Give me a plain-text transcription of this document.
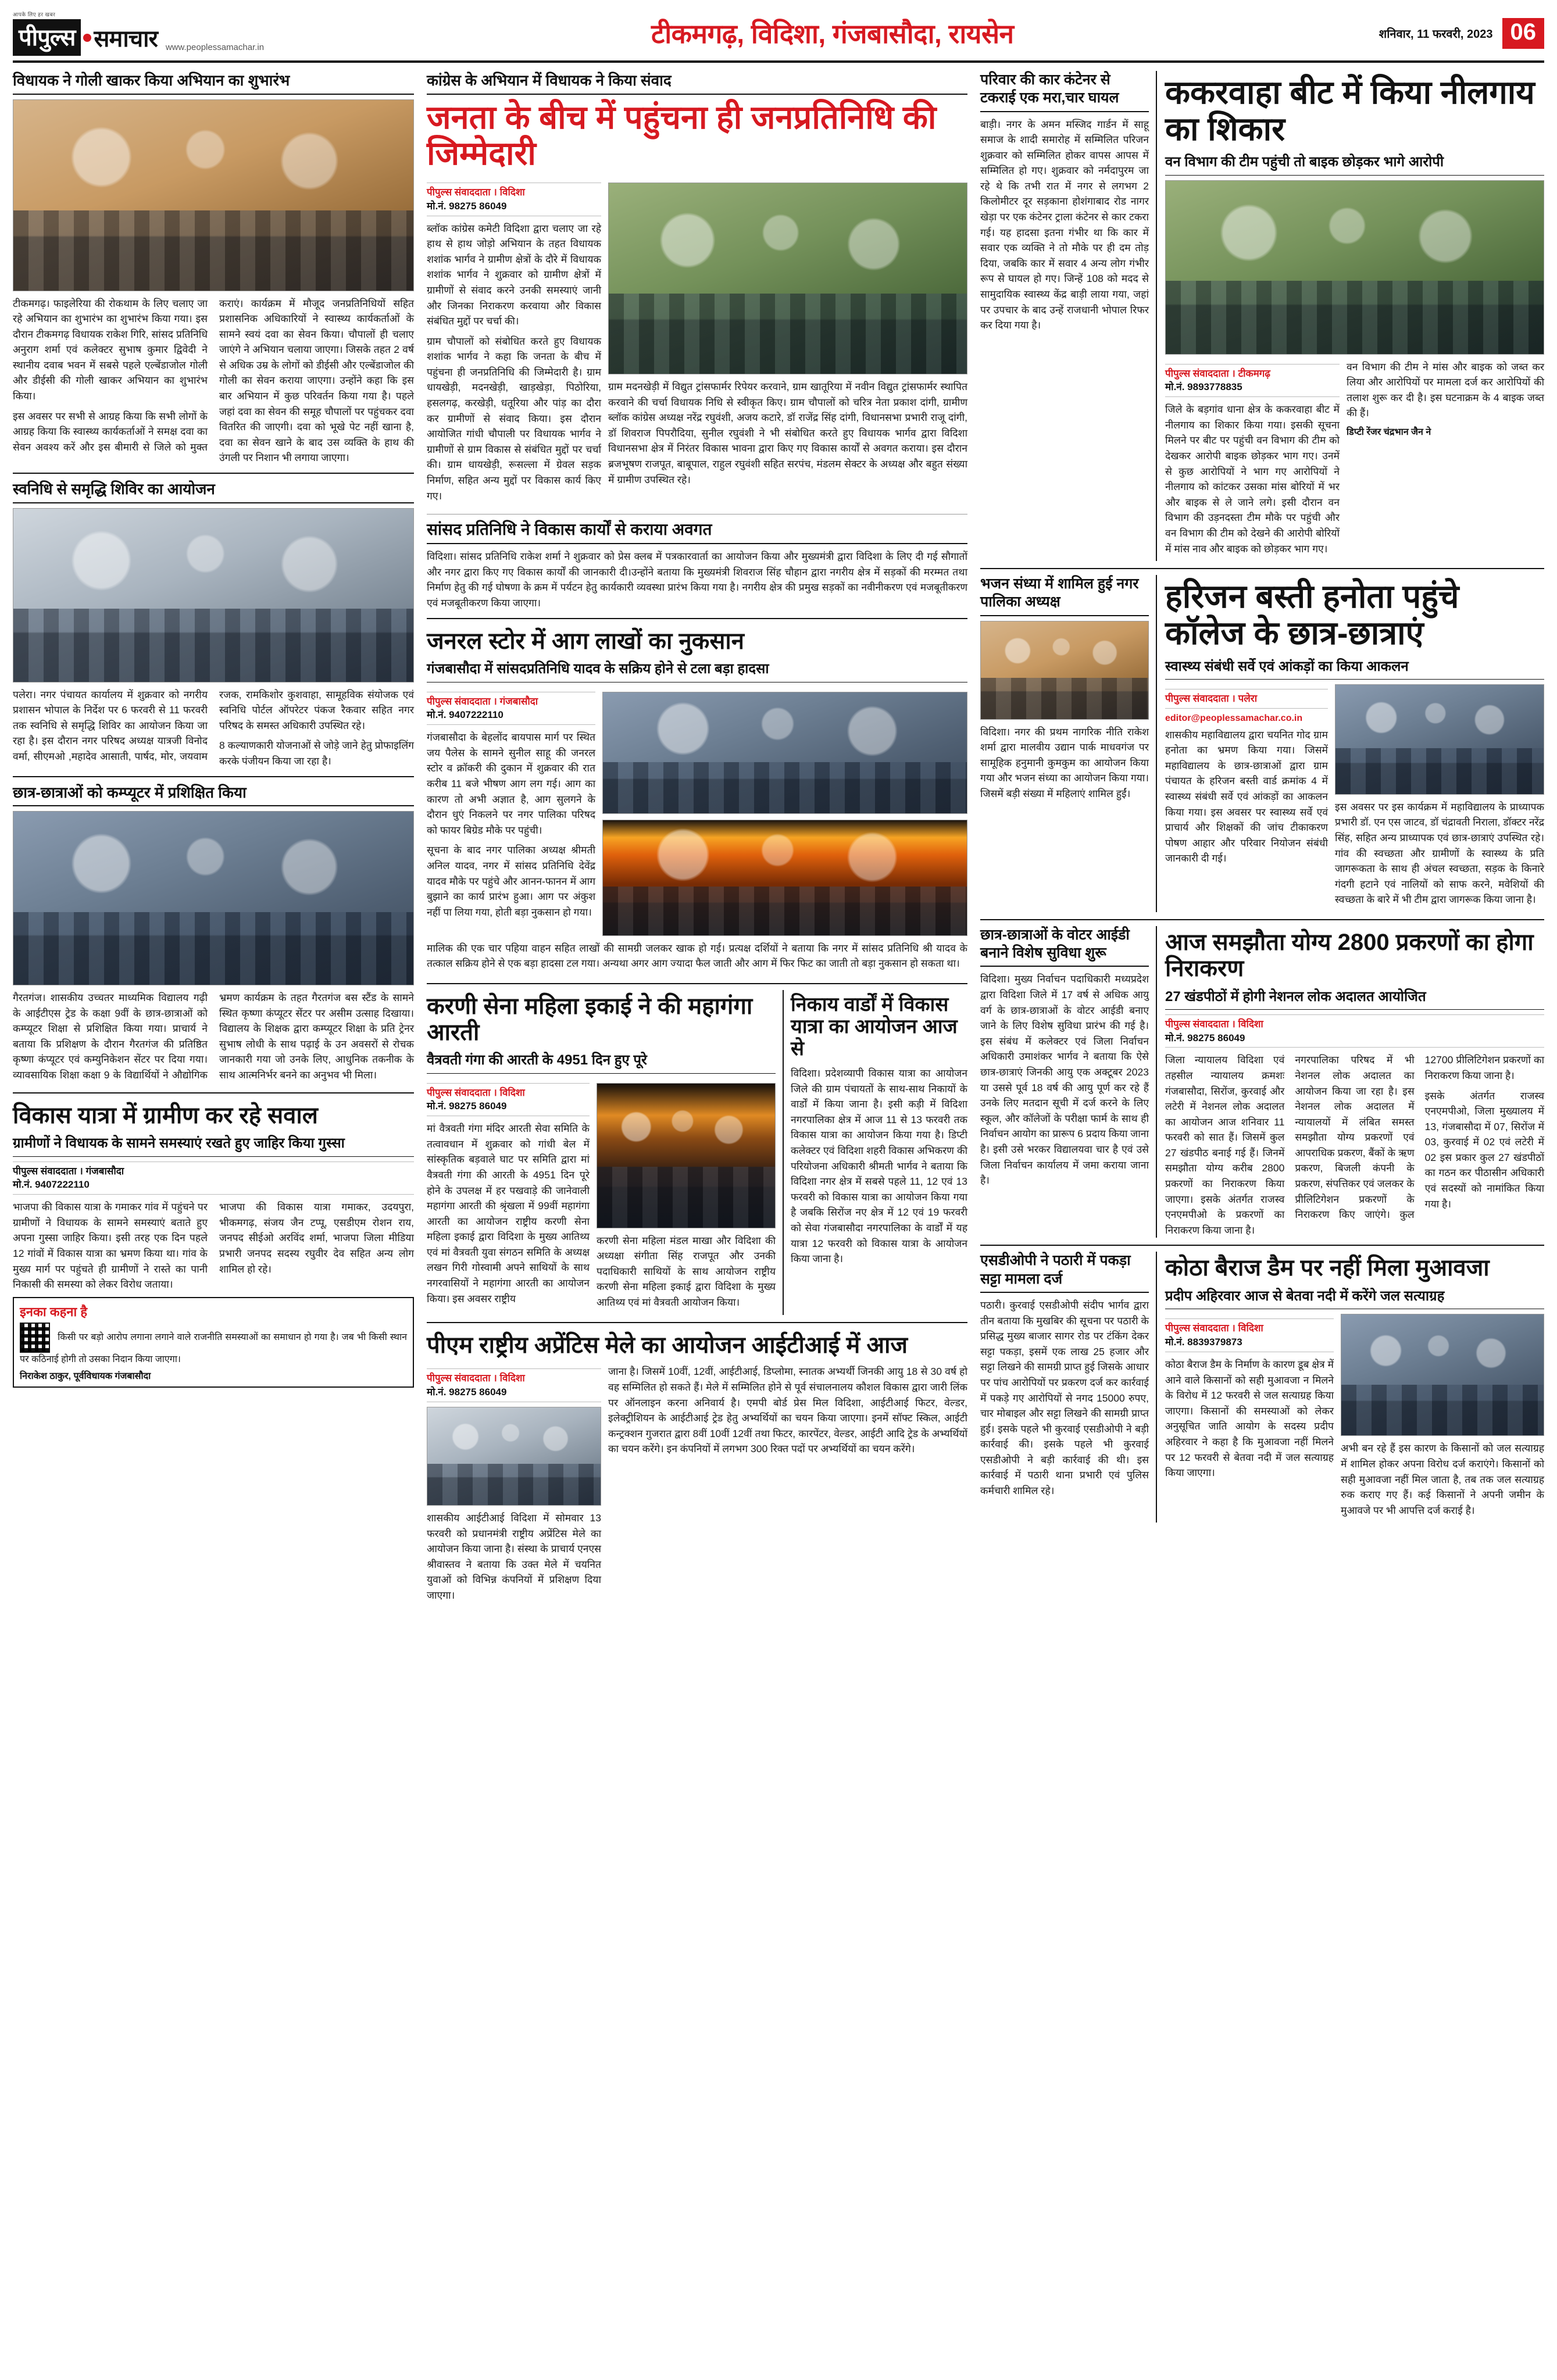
आपके लिए हर खबर
पीपुल्स समाचार www.peoplessamachar.in	टीकमगढ़, विदिशा, गंजबासौदा, रायसेन	शनिवार, 11 फरवरी, 2023 06
विधायक ने गोली खाकर किया अभियान का शुभारंभ

टीकमगढ़। फाइलेरिया की रोकथाम के लिए चलाए जा रहे अभियान का शुभारंभ का शुभारंभ किया गया। इस दौरान टीकमगढ़ विधायक राकेश गिरि, सांसद प्रतिनिधि अनुराग शर्मा एवं कलेक्टर सुभाष कुमार द्विवेदी ने स्थानीय दवाब भवन में सबसे पहले एल्बेंडाजोल गोली और डीईसी की गोली खाकर अभियान का शुभारंभ किया।

इस अवसर पर सभी से आग्रह किया कि सभी लोगों के आग्रह किया कि स्वास्थ्य कार्यकर्ताओं ने समक्ष दवा का सेवन अवश्य करें और इस बीमारी से जिले को मुक्त कराएं। कार्यक्रम में मौजूद जनप्रतिनिधियों सहित प्रशासनिक अधिकारियों ने स्वास्थ्य कार्यकर्ताओं के सामने स्वयं दवा का सेवन किया। चौपालों ही चलाए जाएंगे ने अभियान चलाया जाएगा। जिसके तहत 2 वर्ष से अधिक उम्र के लोगों को डीईसी और एल्बेंडाजोल की गोली का सेवन कराया जाएगा। उन्होंने कहा कि इस बार अभियान में कुछ परिवर्तन किया गया है। पहले जहां दवा का सेवन की समूह चौपालों पर पहुंचकर दवा वितरित की जाएगी। दवा को भूखे पेट नहीं खाना है, दवा का सेवन खाने के बाद उस व्यक्ति के हाथ की उंगली पर निशान भी लगाया जाएगा।

स्वनिधि से समृद्धि शिविर का आयोजन

पलेरा। नगर पंचायत कार्यालय में शुक्रवार को नगरीय प्रशासन भोपाल के निर्देश पर 6 फरवरी से 11 फरवरी तक स्वनिधि से समृद्धि शिविर का आयोजन किया जा रहा है। इस दौरान नगर परिषद अध्यक्ष यात्रजी विनोद वर्मा, सीएमओ ,महादेव आसाती, पार्षद, मोर, जयवाम रजक, रामकिशोर कुशवाहा, सामूहविक संयोजक एवं स्वनिधि पोर्टल ऑपरेटर पंकज रैकवार सहित नगर परिषद के समस्त अधिकारी उपस्थित रहे।

8 कल्याणकारी योजनाओं से जोड़े जाने हेतु प्रोफाइलिंग करके पंजीयन किया जा रहा है।

छात्र-छात्राओं को कम्प्यूटर में प्रशिक्षित किया

गैरतगंज। शासकीय उच्चतर माध्यमिक विद्यालय गढ़ी के आईटीएस ट्रेड के कक्षा 9वीं के छात्र-छात्राओं को कम्प्यूटर शिक्षा से प्रशिक्षित किया गया। प्राचार्य ने बताया कि प्रशिक्षण के दौरान गैरतगंज की प्रतिष्ठित कृष्णा कंप्यूटर एवं कम्युनिकेशन सेंटर पर दिया गया। व्यावसायिक शिक्षा कक्षा 9 के विद्यार्थियों ने औद्योगिक भ्रमण कार्यक्रम के तहत गैरतगंज बस स्टैंड के सामने स्थित कृष्णा कंप्यूटर सेंटर पर असीम उत्साह दिखाया। विद्यालय के शिक्षक द्वारा कम्प्यूटर शिक्षा के प्रति ट्रेनर सुभाष लोधी के साथ पढ़ाई के उन अवसरों से रोचक जानकारी गया जो उनके लिए, आधुनिक तकनीक के साथ आत्मनिर्भर बनने का अनुभव भी मिला।

विकास यात्रा में ग्रामीण कर रहे सवाल
ग्रामीणों ने विधायक के सामने समस्याएं रखते हुए जाहिर किया गुस्सा
पीपुल्स संवाददाता । गंजबासौदा
मो.नं. 9407222110

भाजपा की विकास यात्रा के गमाकर गांव में पहुंचने पर ग्रामीणों ने विधायक के सामने समस्याएं बताते हुए अपना गुस्सा जाहिर किया। इसी तरह एक दिन पहले 12 गांवों में विकास यात्रा का भ्रमण किया था। गांव के मुख्य मार्ग पर पहुंचते ही ग्रामीणों ने रास्ते का पानी निकासी की समस्या को लेकर विरोध जताया।

भाजपा की विकास यात्रा गमाकर, उदयपुरा, भीकमगढ़, संजय जैन टप्पू, एसडीएम रोशन राय, जनपद सीईओ अरविंद शर्मा, भाजपा जिला मीडिया प्रभारी जनपद सदस्य रघुवीर देव सहित अन्य लोग शामिल हो रहे।

इनका कहना है
किसी पर बड़ो आरोप लगाना लगाने वाले राजनीति समस्याओं का समाधान हो गया है। जब भी किसी स्थान पर कठिनाई होगी तो उसका निदान किया जाएगा।
निराकेश ठाकुर, पूर्वविधायक गंजबासौदा
कांग्रेस के अभियान में विधायक ने किया संवाद
जनता के बीच में पहुंचना ही जनप्रतिनिधि की जिम्मेदारी
पीपुल्स संवाददाता । विदिशा
मो.नं. 98275 86049

ब्लॉक कांग्रेस कमेटी विदिशा द्वारा चलाए जा रहे हाथ से हाथ जोड़ो अभियान के तहत विधायक शशांक भार्गव ने ग्रामीण क्षेत्रों के दौरे में विधायक शशांक भार्गव ने शुक्रवार को ग्रामीण क्षेत्रों में ग्रामीणों से संवाद करने उनकी समस्याएं जानी और जिनका निराकरण करवाया और विकास संबंधित मुद्दों पर चर्चा की।

ग्राम चौपालों को संबोधित करते हुए विधायक शशांक भार्गव ने कहा कि जनता के बीच में पहुंचना ही जनप्रतिनिधि की जिम्मेदारी है। ग्राम धायखेड़ी, मदनखेड़ी, खाड़खेड़ा, पिठोरिया, हसलगढ़, करखेड़ी, धतूरिया और पांड़ का दौरा कर ग्रामीणों से संवाद किया। इस दौरान आयोजित गांधी चौपाली पर विधायक भार्गव ने ग्रामीणों से ग्राम विकास से संबंधित मुद्दों पर चर्चा की। ग्राम धायखेड़ी, रूसल्ला में ग्रेवल सड़क निर्माण, सहित अन्य मुद्दों पर विकास कार्य किए गए।

ग्राम मदनखेड़ी में विद्युत ट्रांसफार्मर रिपेयर करवाने, ग्राम खातूरिया में नवीन विद्युत ट्रांसफार्मर स्थापित करवाने की चर्चा विधायक निधि से स्वीकृत किए। ग्राम चौपालों को चरित्र नेता प्रकाश दांगी, ग्रामीण ब्लॉक कांग्रेस अध्यक्ष नरेंद्र रघुवंशी, अजय कटारे, डॉ राजेंद्र सिंह दांगी, विधानसभा प्रभारी राजू दांगी, डॉ शिवराज पिपरौदिया, सुनील रघुवंशी ने भी संबोधित करते हुए विधायक भार्गव द्वारा विदिशा विधानसभा क्षेत्र में निरंतर विकास भावना द्वारा किए गए विकास कार्यों से अवगत कराया। इस दौरान ब्रजभूषण राजपूत, बाबूपाल, राहुल रघुवंशी सहित सरपंच, मंडलम सेक्टर के अध्यक्ष और बहुत संख्या में ग्रामीण उपस्थित रहे।

सांसद प्रतिनिधि ने विकास कार्यों से कराया अवगत
विदिशा। सांसद प्रतिनिधि राकेश शर्मा ने शुक्रवार को प्रेस क्लब में पत्रकारवार्ता का आयोजन किया और मुख्यमंत्री द्वारा विदिशा के लिए दी गई सौगातों और नगर द्वारा किए गए विकास कार्यों की जानकारी दी।उन्होंने बताया कि मुख्यमंत्री शिवराज सिंह चौहान द्वारा नगरीय क्षेत्र में सड़कों की मरम्मत तथा निर्माण हेतु की गई घोषणा के क्रम में पर्यटन हेतु कार्यकारी व्यवस्था प्रारंभ किया गया है। नगरीय क्षेत्र की प्रमुख सड़कों का नवीनीकरण एवं मजबूतीकरण एवं मजबूतीकरण किया जाएगा।
जनरल स्टोर में आग लाखों का नुकसान
गंजबासौदा में सांसदप्रतिनिधि यादव के सक्रिय होने से टला बड़ा हादसा
पीपुल्स संवाददाता । गंजबासौदा
मो.नं. 9407222110

गंजबासौदा के बेहलोंद बायपास मार्ग पर स्थित जय पैलेस के सामने सुनील साहू की जनरल स्टोर व क्रॉकरी की दुकान में शुक्रवार की रात करीब 11 बजे भीषण आग लग गई। आग का कारण तो अभी अज्ञात है, आग सुलगने के दौरान धुएं निकलने पर नगर पालिका परिषद को फायर बिग्रेड मौके पर पहुंची।

सूचना के बाद नगर पालिका अध्यक्ष श्रीमती अनिल यादव, नगर में सांसद प्रतिनिधि देवेंद्र यादव मौके पर पहुंचे और आनन-फानन में आग बुझाने का कार्य प्रारंभ हुआ। आग पर अंकुश नहीं पा लिया गया, होती बड़ा नुकसान हो गया।

मालिक की एक चार पहिया वाहन सहित लाखों की सामग्री जलकर खाक हो गई। प्रत्यक्ष दर्शियों ने बताया कि नगर में सांसद प्रतिनिधि श्री यादव के तत्काल सक्रिय होने से एक बड़ा हादसा टल गया। अन्यथा अगर आग ज्यादा फैल जाती और आग में फिर फिट का जाती तो बड़ा नुकसान हो सकता था।

करणी सेना महिला इकाई ने की महागंगा आरती
वैत्रवती गंगा की आरती के 4951 दिन हुए पूरे
पीपुल्स संवाददाता । विदिशा
मो.नं. 98275 86049

मां वैत्रवती गंगा मंदिर आरती सेवा समिति के तत्वावधान में शुक्रवार को गांधी बेल में सांस्कृतिक बड़वाले घाट पर समिति द्वारा मां वैत्रवती गंगा की आरती के 4951 दिन पूरे होने के उपलक्ष में हर पखवाड़े की जानेवाली महागंगा आरती की श्रृंखला में 99वीं महागंगा आरती का आयोजन राष्ट्रीय करणी सेना महिला इकाई द्वारा विदिशा के मुख्य आतिथ्य एवं मां वैत्रवती युवा संगठन समिति के अध्यक्ष लखन गिरी गोस्वामी अपने साथियों के साथ नगरवासियों ने महागंगा आरती का आयोजन किया। इस अवसर राष्ट्रीय

करणी सेना महिला मंडल माखा और विदिशा की अध्यक्षा संगीता सिंह राजपूत और उनकी पदाधिकारी साथियों के साथ आयोजन राष्ट्रीय करणी सेना महिला इकाई द्वारा विदिशा के मुख्य आतिथ्य एवं मां वैत्रवती आयोजन किया।

निकाय वार्डों में विकास यात्रा का आयोजन आज से
विदिशा। प्रदेशव्यापी विकास यात्रा का आयोजन जिले की ग्राम पंचायतों के साथ-साथ निकायों के वार्डों में किया जाना है। इसी कड़ी में विदिशा नगरपालिका क्षेत्र में आज 11 से 13 फरवरी तक विकास यात्रा का आयोजन किया गया है। डिप्टी कलेक्टर एवं विदिशा शहरी विकास अभिकरण की परियोजना अधिकारी श्रीमती भार्गव ने बताया कि विदिशा नगर क्षेत्र में सबसे पहले 11, 12 एवं 13 फरवरी को विकास यात्रा का आयोजन किया गया है जबकि सिरोंज नए क्षेत्र में 12 एवं 19 फरवरी को सेवा गंजबासौदा नगरपालिका के वार्डों में यह यात्रा 12 फरवरी को विकास यात्रा के आयोजन किया जाना है।
पीएम राष्ट्रीय अप्रेंटिस मेले का आयोजन आईटीआई में आज
पीपुल्स संवाददाता । विदिशा
मो.नं. 98275 86049

शासकीय आईटीआई विदिशा में सोमवार 13 फरवरी को प्रधानमंत्री राष्ट्रीय अप्रेंटिस मेले का आयोजन किया जाना है। संस्था के प्राचार्य एनएस श्रीवास्तव ने बताया कि उक्त मेले में चयनित युवाओं को विभिन्न कंपनियों में प्रशिक्षण दिया जाएगा।

जाना है। जिसमें 10वीं, 12वीं, आईटीआई, डिप्लोमा, स्नातक अभ्यर्थी जिनकी आयु 18 से 30 वर्ष हो वह सम्मिलित हो सकते हैं। मेले में सम्मिलित होने से पूर्व संचालनालय कौशल विकास द्वारा जारी लिंक पर ऑनलाइन करना अनिवार्य है। एमपी बोर्ड प्रेस मिल विदिशा, आईटीआई फिटर, वेल्डर, इलेक्ट्रीशियन के आईटीआई ट्रेड हेतु अभ्यर्थियों का चयन किया जाएगा। इनमें सॉफ्ट स्किल, आईटी कन्ट्रक्शन गुजरात द्वारा 8वीं 10वीं 12वीं तथा फिटर, कारपेंटर, वेल्डर, आईटी आदि ट्रेड के अभ्यर्थियों का चयन करेंगे। इन कंपनियों में लगभग 300 रिक्त पदों पर अभ्यर्थियों का चयन करेंगे।

परिवार की कार कंटेनर से टकराई एक मरा,चार घायल
बाड़ी। नगर के अमन मस्जिद गार्डन में साहू समाज के शादी समारोह में सम्मिलित परिजन शुक्रवार को सम्मिलित होकर वापस आपस में सम्मिलित हो गए। शुक्रवार को नर्मदापुरम जा रहे थे कि तभी रात में नगर से लगभग 2 किलोमीटर दूर सड़काना होशंगाबाद रोड नागर खेड़ा पर एक कंटेनर ट्राला कंटेनर से कार टकरा गई। यह हादसा इतना गंभीर था कि कार में सवार एक व्यक्ति ने तो मौके पर ही दम तोड़ दिया, जबकि कार में सवार 4 अन्य लोग गंभीर रूप से घायल हो गए। जिन्हें 108 को मदद से सामुदायिक स्वास्थ्य केंद्र बाड़ी लाया गया, जहां पर उपचार के बाद उन्हें राजधानी भोपाल रिफर कर दिया गया है।
ककरवाहा बीट में किया नीलगाय का शिकार
वन विभाग की टीम पहुंची तो बाइक छोड़कर भागे आरोपी
पीपुल्स संवाददाता । टीकमगढ़
मो.नं. 9893778835

जिले के बड़गांव धाना क्षेत्र के ककरवाहा बीट में नीलगाय का शिकार किया गया। इसकी सूचना मिलने पर बीट पर पहुंची वन विभाग की टीम को देखकर आरोपी बाइक छोड़कर भाग गए। उनमें से कुछ आरोपियों ने भाग गए आरोपियों ने नीलगाय को कांटकर उसका मांस बोरियों में भर और बाइक से ले जाने लगे। इसी दौरान वन विभाग की उड़नदस्ता टीम मौके पर पहुंची और वन विभाग की टीम को देखने की आरोपी बोरियों में मांस नाव और बाइक को छोड़कर भाग गए।

वन विभाग की टीम ने मांस और बाइक को जब्त कर लिया और आरोपियों पर मामला दर्ज कर आरोपियों की तलाश शुरू कर दी है। इस घटनाक्रम के 4 बाइक जब्त की हैं।

डिप्टी रेंजर चंद्रभान जैन ने

भजन संध्या में शामिल हुई नगर पालिका अध्यक्ष
विदिशा। नगर की प्रथम नागरिक नीति राकेश शर्मा द्वारा मालवीय उद्यान पार्क माधवगंज पर सामूहिक हनुमानी कुमकुम का आयोजन किया गया और भजन संध्या का आयोजन किया गया। जिसमें बड़ी संख्या में महिलाएं शामिल हुईं।
हरिजन बस्ती हनोता पहुंचे कॉलेज के छात्र-छात्राएं
स्वास्थ्य संबंधी सर्वे एवं आंकड़ों का किया आकलन
पीपुल्स संवाददाता । पलेरा
editor@peoplessamachar.co.in

शासकीय महाविद्यालय द्वारा चयनित गोद ग्राम हनोता का भ्रमण किया गया। जिसमें महाविद्यालय के छात्र-छात्राओं द्वारा ग्राम पंचायत के हरिजन बस्ती वार्ड क्रमांक 4 में स्वास्थ्य संबंधी सर्वे एवं आंकड़ों का आकलन किया गया। इस अवसर पर स्वास्थ्य सर्वे एवं प्राचार्य और शिक्षकों की जांच टीकाकरण पोषण आहार और परिवार नियोजन संबंधी जानकारी दी गई।

इस अवसर पर इस कार्यक्रम में महाविद्यालय के प्राध्यापक प्रभारी डॉ. एन एस जाटव, डॉ चंद्रावती निराला, डॉक्टर नरेंद्र सिंह, सहित अन्य प्राध्यापक एवं छात्र-छात्राएं उपस्थित रहे। गांव की स्वच्छता और ग्रामीणों के स्वास्थ्य के प्रति जागरूकता के साथ ही अंचल स्वच्छता, सड़क के किनारे गंदगी हटाने एवं नालियों को साफ करने, मवेशियों की स्वच्छता के बारे में भी टीम द्वारा जागरूक किया जाना है।

छात्र-छात्राओं के वोटर आईडी बनाने विशेष सुविधा शुरू
विदिशा। मुख्य निर्वाचन पदाधिकारी मध्यप्रदेश द्वारा विदिशा जिले में 17 वर्ष से अधिक आयु वर्ग के छात्र-छात्राओं के वोटर आईडी बनाए जाने के लिए विशेष सुविधा प्रारंभ की गई है। इस संबंध में कलेक्टर एवं जिला निर्वाचन अधिकारी उमाशंकर भार्गव ने बताया कि ऐसे छात्र-छात्राएं जिनकी आयु एक अक्टूबर 2023 या उससे पूर्व 18 वर्ष की आयु पूर्ण कर रहे हैं उनके लिए मतदान सूची में दर्ज करने के लिए स्कूल, और कॉलेजों के परीक्षा फार्म के साथ ही निर्वाचन आयोग का प्रारूप 6 प्रदाय किया जाना है। इसी उसे भरकर विद्यालयवा चार है एवं उसे जिला निर्वाचन कार्यालय में जमा कराया जाना है।
आज समझौता योग्य 2800 प्रकरणों का होगा निराकरण
27 खंडपीठों में होगी नेशनल लोक अदालत आयोजित
पीपुल्स संवाददाता । विदिशा
मो.नं. 98275 86049

जिला न्यायालय विदिशा एवं तहसील न्यायालय क्रमशः गंजबासौदा, सिरोंज, कुरवाई और लटेरी में नेशनल लोक अदालत का आयोजन आज शनिवार 11 फरवरी को सात हैं। जिसमें कुल 27 खंडपीठ बनाई गई हैं। जिनमें समझौता योग्य करीब 2800 प्रकरणों का निराकरण किया जाएगा। इसके अंतर्गत राजस्व एनएमपीओ के प्रकरणों का निराकरण किया जाना है।

नगरपालिका परिषद में भी नेशनल लोक अदालत का आयोजन किया जा रहा है। इस नेशनल लोक अदालत में न्यायालयों में लंबित समस्त समझौता योग्य प्रकरणों एवं आपराधिक प्रकरण, बैंकों के ऋण प्रकरण, बिजली कंपनी के प्रकरण, संपत्तिकर एवं जलकर के प्रीलिटिगेशन प्रकरणों के निराकरण किए जाएंगे। कुल 12700 प्रीलिटिगेशन प्रकरणों का निराकरण किया जाना है।

इसके अंतर्गत राजस्व एनएमपीओ, जिला मुख्यालय में 13, गंजबासौदा में 07, सिरोंज में 03, कुरवाई में 02 एवं लटेरी में 02 इस प्रकार कुल 27 खंडपीठों का गठन कर पीठासीन अधिकारी एवं सदस्यों को नामांकित किया गया है।

एसडीओपी ने पठारी में पकड़ा सट्टा मामला दर्ज
पठारी। कुरवाई एसडीओपी संदीप भार्गव द्वारा तीन बताया कि मुखबिर की सूचना पर पठारी के प्रसिद्ध मुख्य बाजार सागर रोड पर टंकिंग देकर सट्टा पकड़ा, इसमें एक लाख 25 हजार और सट्टा लिखने की सामग्री प्राप्त हुई जिसके आधार पर पांच आरोपियों पर प्रकरण दर्ज कर कार्रवाई में पकड़े गए आरोपियों से नगद 15000 रुपए, चार मोबाइल और सट्टा लिखने की सामग्री प्राप्त हुई। इसके पहले भी कुरवाई एसडीओपी ने बड़ी कार्रवाई की। इसके पहले भी कुरवाई एसडीओपी ने बड़ी कार्रवाई की थी। इस कार्रवाई में पठारी थाना प्रभारी एवं पुलिस कर्मचारी शामिल रहे।
कोठा बैराज डैम पर नहीं मिला मुआवजा
प्रदीप अहिरवार आज से बेतवा नदी में करेंगे जल सत्याग्रह
पीपुल्स संवाददाता । विदिशा
मो.नं. 8839379873

कोठा बैराज डैम के निर्माण के कारण डूब क्षेत्र में आने वाले किसानों को सही मुआवजा न मिलने के विरोध में 12 फरवरी से जल सत्याग्रह किया जाएगा। किसानों की समस्याओं को लेकर अनुसूचित जाति आयोग के सदस्य प्रदीप अहिरवार ने कहा है कि मुआवजा नहीं मिलने पर 12 फरवरी से बेतवा नदी में जल सत्याग्रह किया जाएगा।

अभी बन रहे हैं इस कारण के किसानों को जल सत्याग्रह में शामिल होकर अपना विरोध दर्ज कराएंगे। किसानों को सही मुआवजा नहीं मिल जाता है, तब तक जल सत्याग्रह रुक कराए गए हैं। कई किसानों ने अपनी जमीन के मुआवजे पर भी आपत्ति दर्ज कराई है।
